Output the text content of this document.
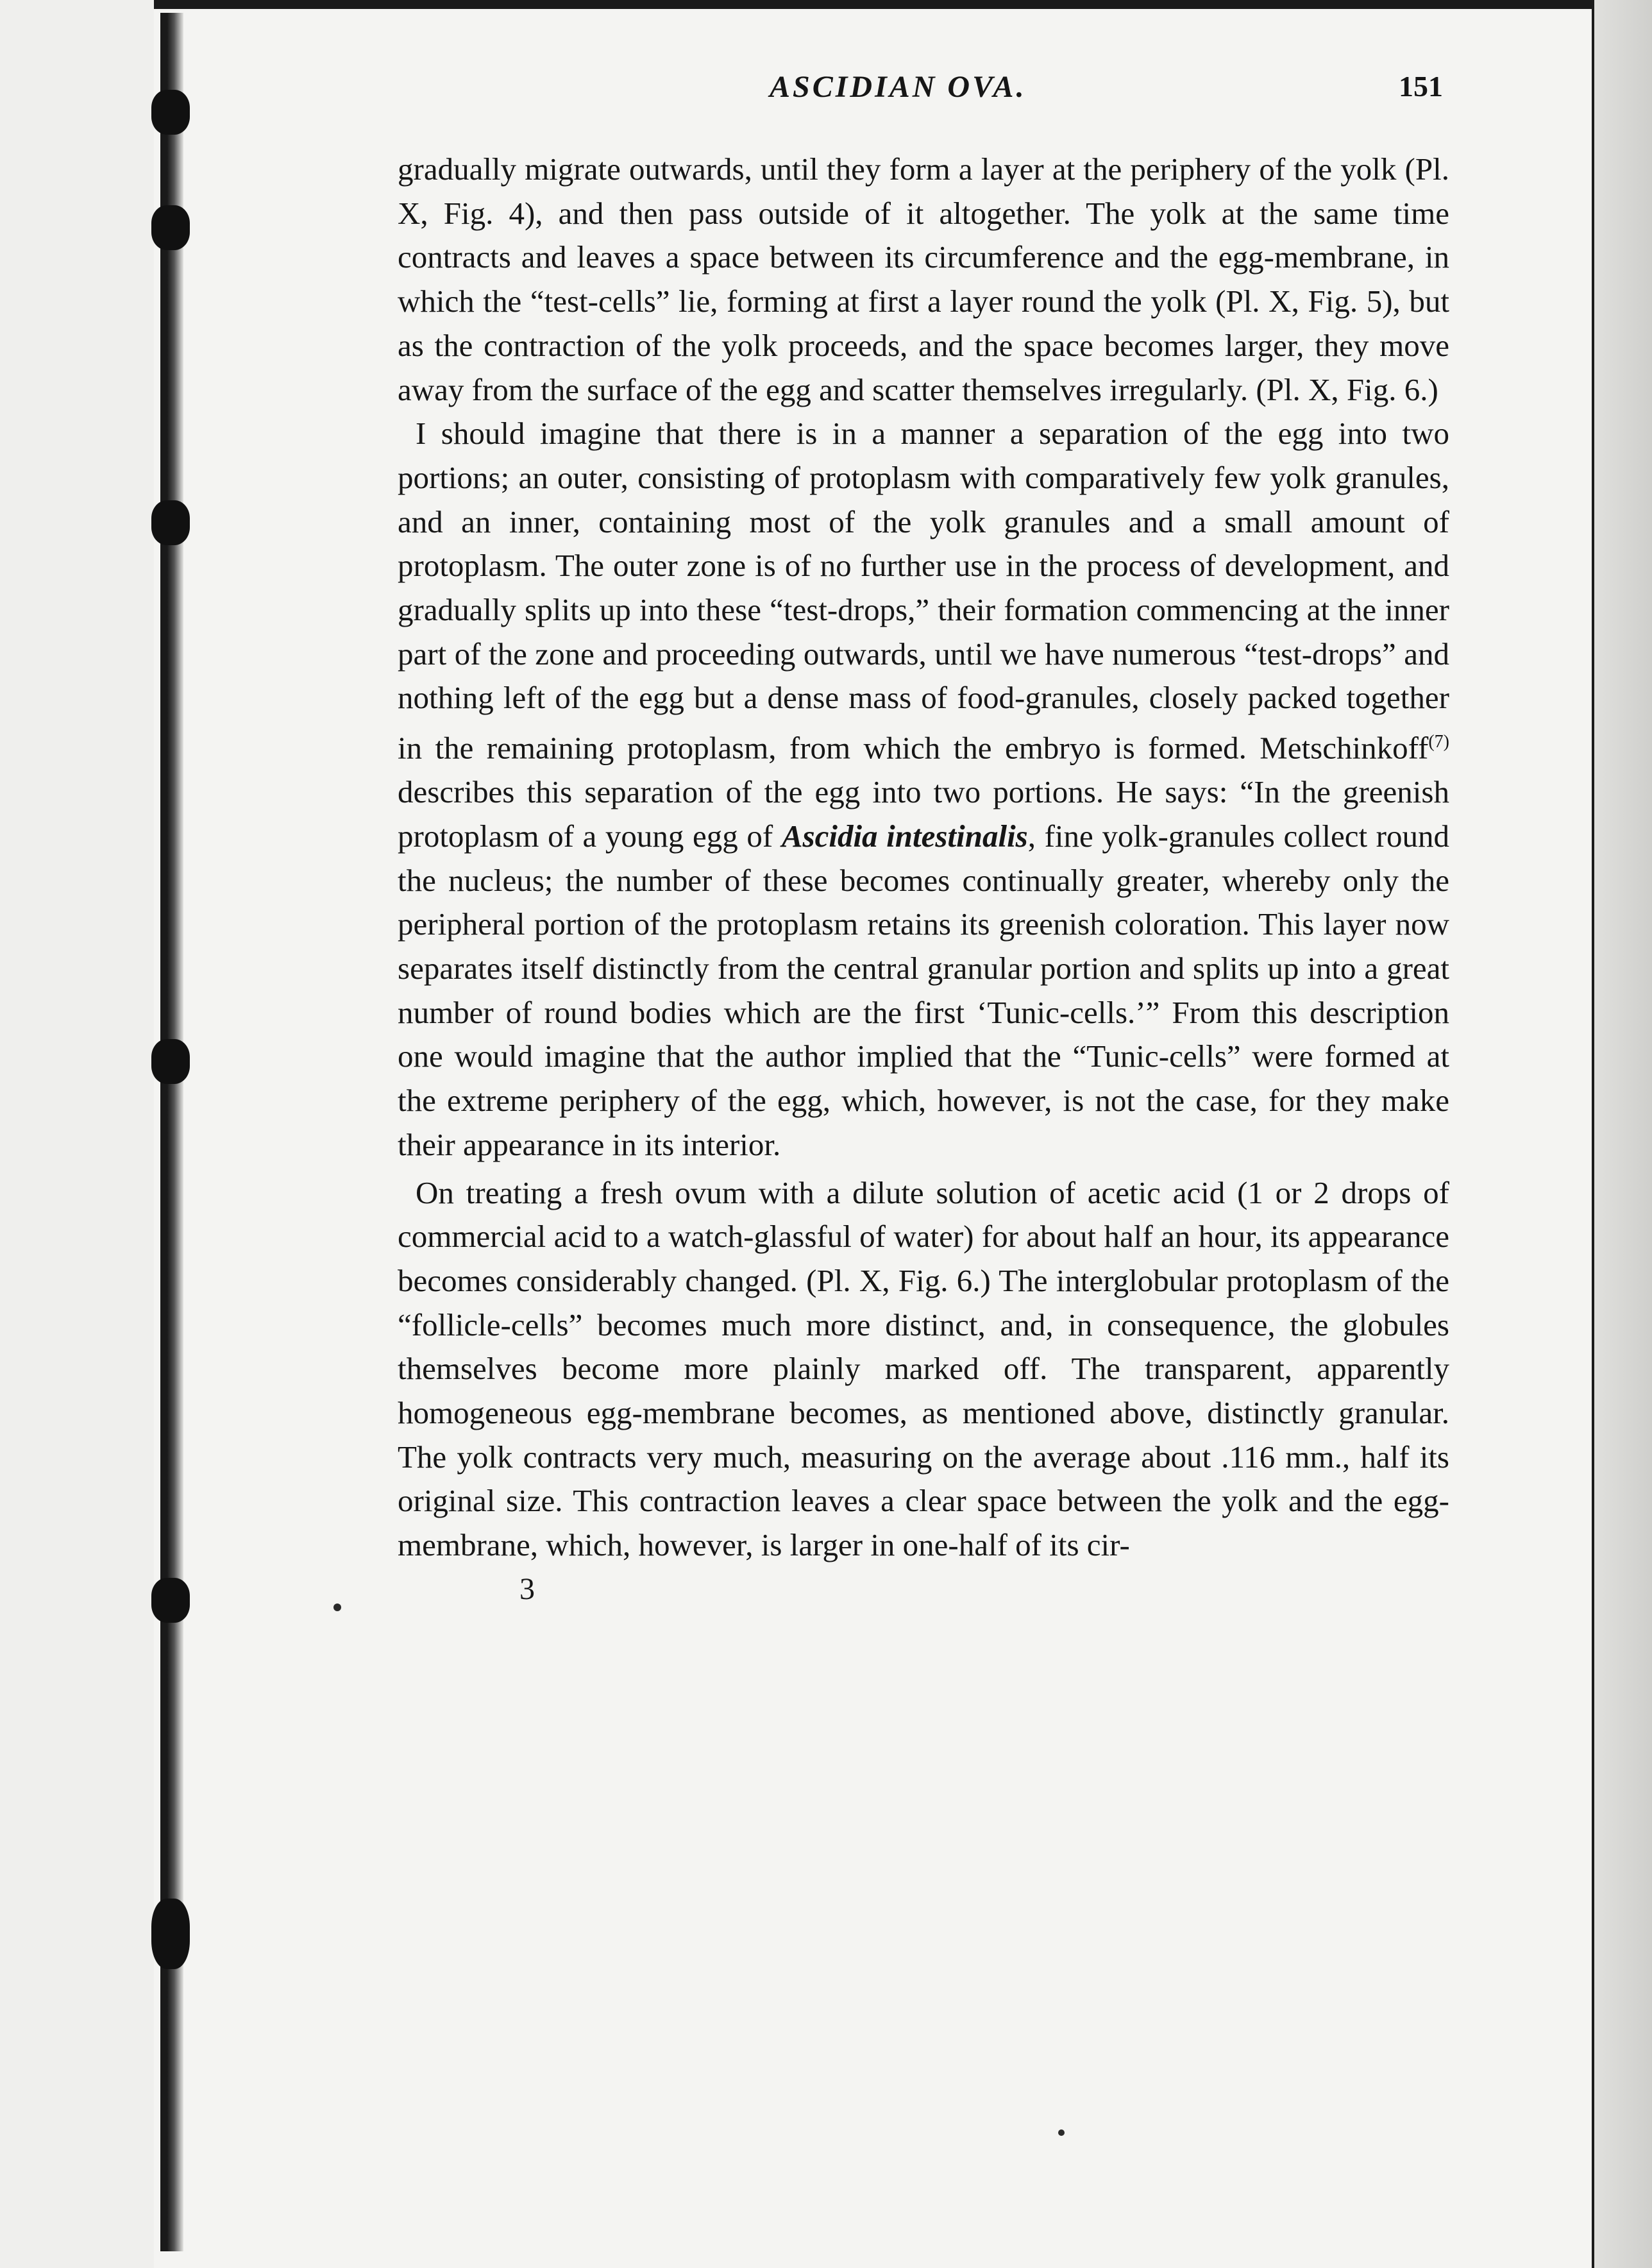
ASCIDIAN OVA.	151

gradually migrate outwards, until they form a layer at the periphery of the yolk (Pl. X, Fig. 4), and then pass outside of it altogether. The yolk at the same time contracts and leaves a space between its circumference and the egg-membrane, in which the “test-cells” lie, forming at first a layer round the yolk (Pl. X, Fig. 5), but as the contraction of the yolk proceeds, and the space becomes larger, they move away from the surface of the egg and scatter themselves irregularly. (Pl. X, Fig. 6.)

I should imagine that there is in a manner a separation of the egg into two portions; an outer, consisting of protoplasm with comparatively few yolk granules, and an inner, containing most of the yolk granules and a small amount of protoplasm. The outer zone is of no further use in the process of development, and gradually splits up into these “test-drops,” their formation commencing at the inner part of the zone and proceeding outwards, until we have numerous “test-drops” and nothing left of the egg but a dense mass of food-granules, closely packed together in the remaining protoplasm, from which the embryo is formed. Metschinkoff$^{(7)}$ describes this separation of the egg into two portions. He says: “In the greenish protoplasm of a young egg of Ascidia intestinalis, fine yolk-granules collect round the nucleus; the number of these becomes continually greater, whereby only the peripheral portion of the protoplasm retains its greenish coloration. This layer now separates itself distinctly from the central granular portion and splits up into a great number of round bodies which are the first ‘Tunic-cells.’” From this description one would imagine that the author implied that the “Tunic-cells” were formed at the extreme periphery of the egg, which, however, is not the case, for they make their appearance in its interior.

On treating a fresh ovum with a dilute solution of acetic acid (1 or 2 drops of commercial acid to a watch-glassful of water) for about half an hour, its appearance becomes considerably changed. (Pl. X, Fig. 6.) The interglobular protoplasm of the “follicle-cells” becomes much more distinct, and, in consequence, the globules themselves become more plainly marked off. The transparent, apparently homogeneous egg-membrane becomes, as mentioned above, distinctly granular. The yolk contracts very much, measuring on the average about .116 mm., half its original size. This contraction leaves a clear space between the yolk and the egg-membrane, which, however, is larger in one-half of its cir-

3
